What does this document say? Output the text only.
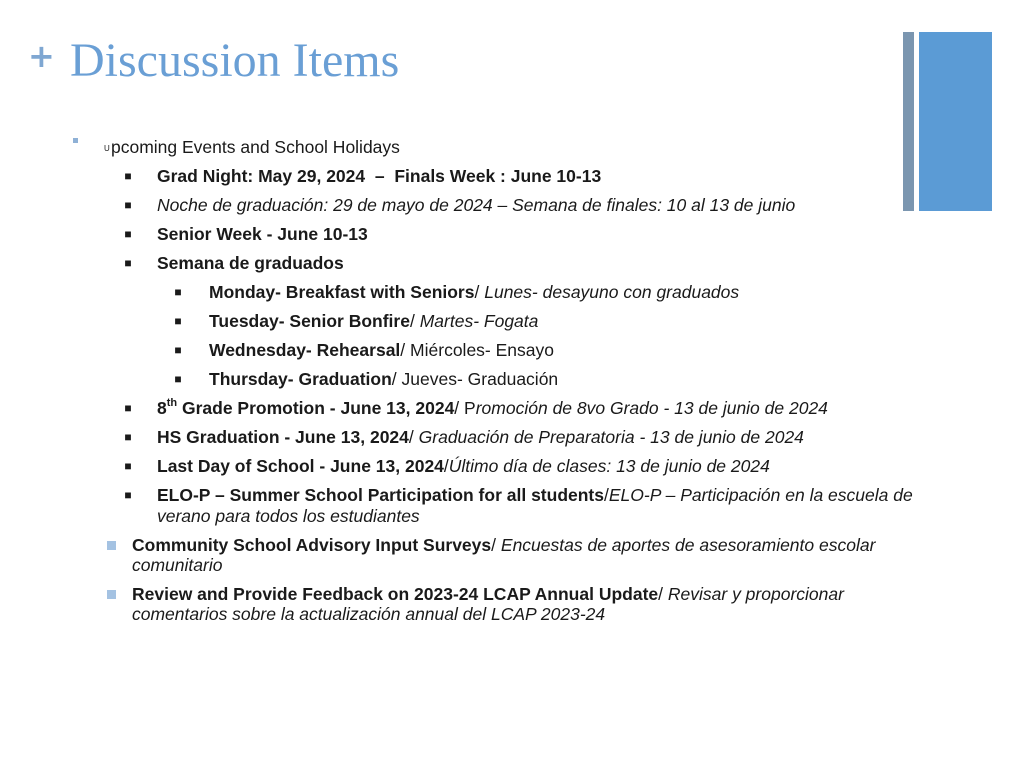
+ Discussion Items
U pcoming Events and School Holidays
■	Grad Night: May 29, 2024 – Finals Week : June 10-13
■	Noche de graduación: 29 de mayo de 2024 – Semana de finales: 10 al 13 de junio
■	Senior Week - June 10-13
■	Semana de graduados
■	Monday- Breakfast with Seniors/ Lunes- desayuno con graduados
■	Tuesday- Senior Bonfire/ Martes- Fogata
■	Wednesday- Rehearsal/ Miércoles- Ensayo
■	Thursday- Graduation/ Jueves- Graduación
■	8th Grade Promotion - June 13, 2024/ Promoción de 8vo Grado - 13 de junio de 2024
■	HS Graduation - June 13, 2024/ Graduación de Preparatoria - 13 de junio de 2024
■	Last Day of School - June 13, 2024/Último día de clases: 13 de junio de 2024
■	ELO-P – Summer School Participation for all students/ELO-P – Participación en la escuela de
verano para todos los estudiantes
Community School Advisory Input Surveys/ Encuestas de aportes de asesoramiento escolar
comunitario
Review and Provide Feedback on 2023-24 LCAP Annual Update/ Revisar y proporcionar
comentarios sobre la actualización annual del LCAP 2023-24
